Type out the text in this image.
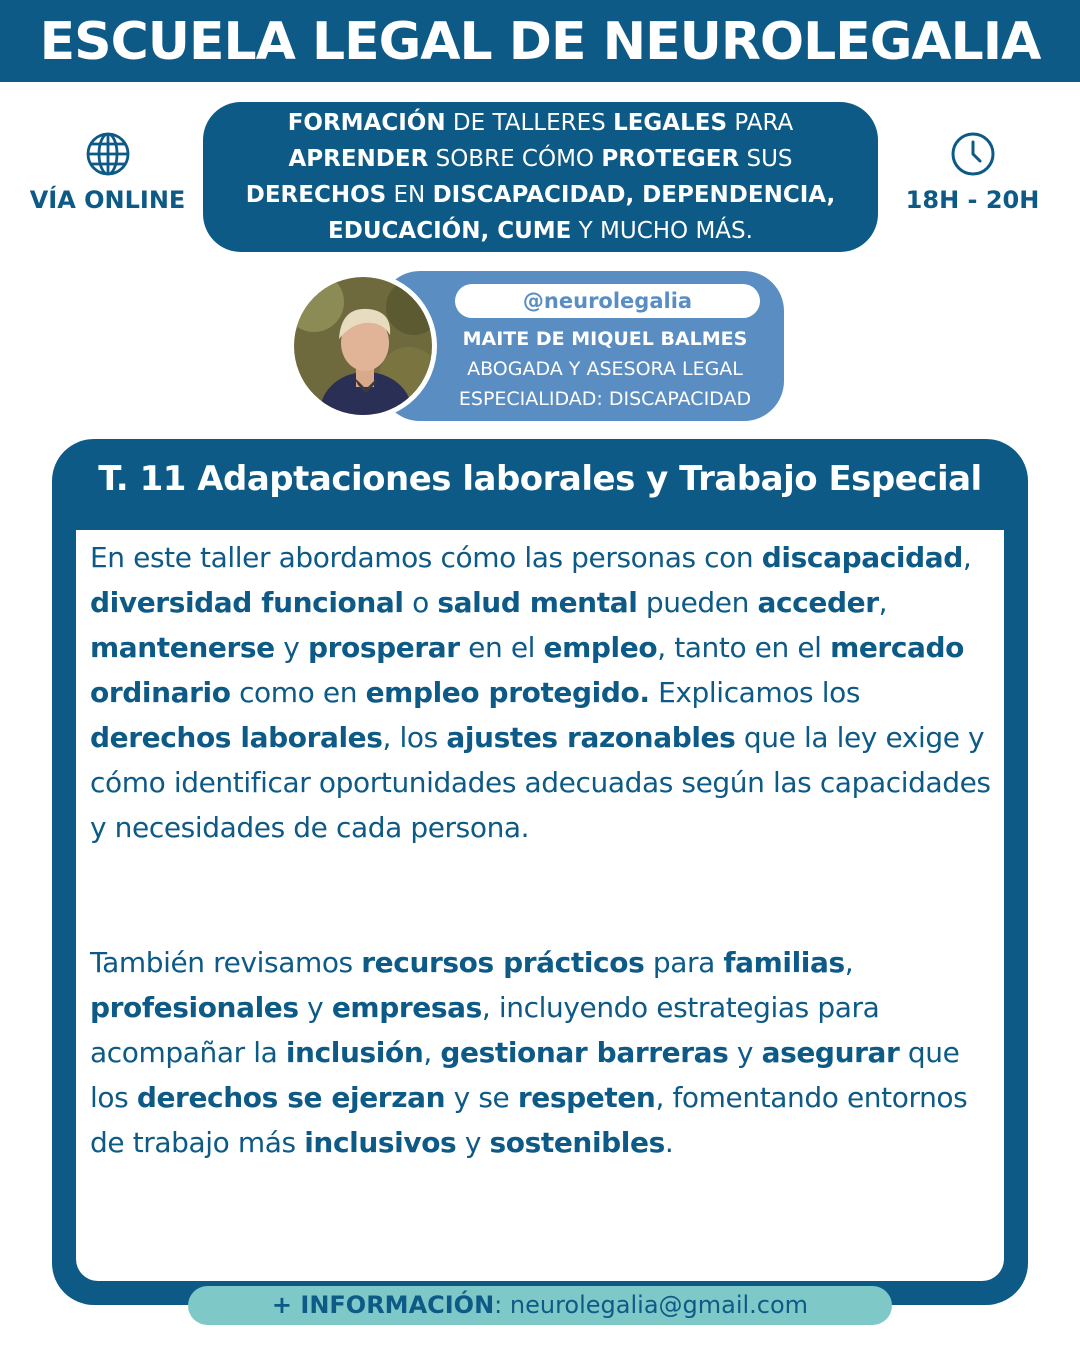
ESCUELA LEGAL DE NEUROLEGALIA
VÍA ONLINE	18H - 20H
FORMACIÓN DE TALLERES LEGALES PARA
APRENDER SOBRE CÓMO PROTEGER SUS
DERECHOS EN DISCAPACIDAD, DEPENDENCIA,
EDUCACIÓN, CUME Y MUCHO MÁS.
@neurolegalia
MAITE DE MIQUEL BALMES
ABOGADA Y ASESORA LEGAL
ESPECIALIDAD: DISCAPACIDAD
T. 11 Adaptaciones laborales y Trabajo Especial

En este taller abordamos cómo las personas con discapacidad, diversidad funcional o salud mental pueden acceder, mantenerse y prosperar en el empleo, tanto en el mercado ordinario como en empleo protegido. Explicamos los derechos laborales, los ajustes razonables que la ley exige y cómo identificar oportunidades adecuadas según las capacidades y necesidades de cada persona.

También revisamos recursos prácticos para familias, profesionales y empresas, incluyendo estrategias para acompañar la inclusión, gestionar barreras y asegurar que los derechos se ejerzan y se respeten, fomentando entornos de trabajo más inclusivos y sostenibles.

+ INFORMACIÓN: neurolegalia@gmail.com
